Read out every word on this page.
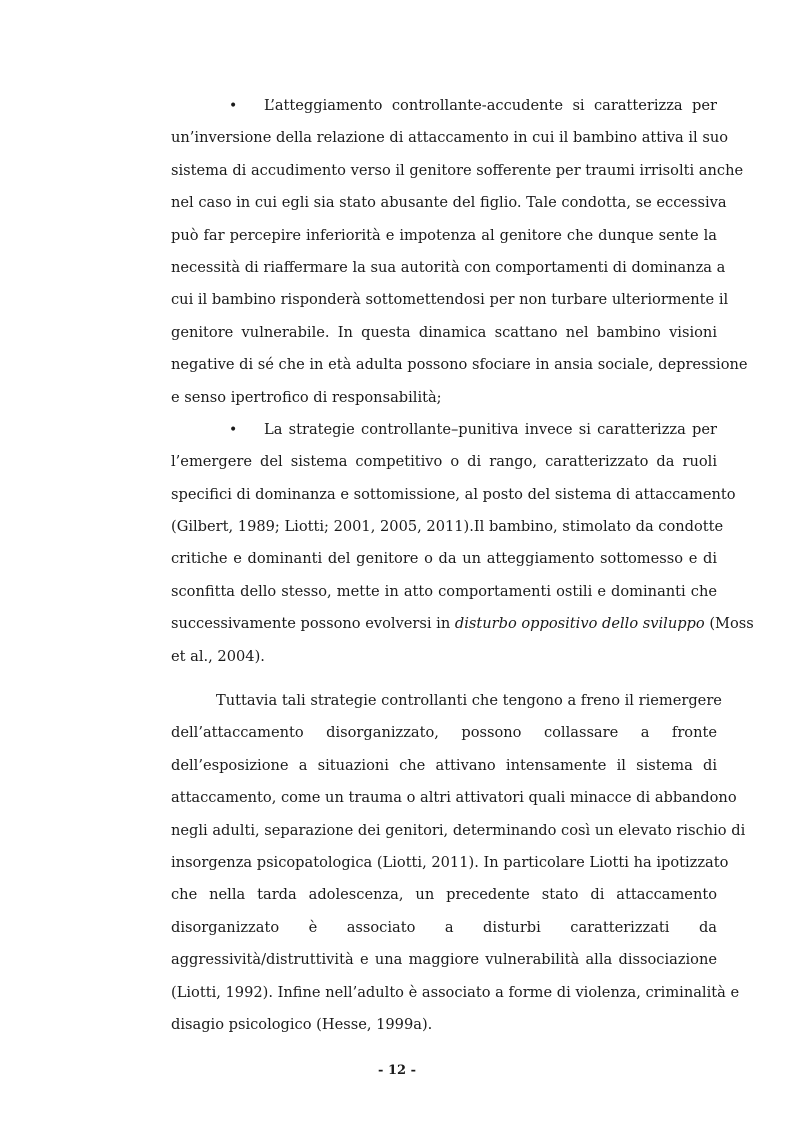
•	L’atteggiamento controllante-accudente si caratterizza per
un’inversione della relazione di attaccamento in cui il bambino attiva il suo
sistema di accudimento verso il genitore sofferente per traumi irrisolti anche
nel caso in cui egli sia stato abusante del figlio. Tale condotta, se eccessiva
può far percepire inferiorità e impotenza al genitore che dunque sente la
necessità di riaffermare la sua autorità con comportamenti di dominanza a
cui il bambino risponderà sottomettendosi per non turbare ulteriormente il
genitore vulnerabile. In questa dinamica scattano nel bambino visioni
negative di sé che in età adulta possono sfociare in ansia sociale, depressione
e senso ipertrofico di responsabilità;
•	La strategie controllante–punitiva invece si caratterizza per
l’emergere del sistema competitivo o di rango, caratterizzato da ruoli
specifici di dominanza e sottomissione, al posto del sistema di attaccamento
(Gilbert, 1989; Liotti; 2001, 2005, 2011).Il bambino, stimolato da condotte
critiche e dominanti del genitore o da un atteggiamento sottomesso e di
sconfitta dello stesso, mette in atto comportamenti ostili e dominanti che
successivamente possono evolversi in disturbo oppositivo dello sviluppo (Moss
et al., 2004).
Tuttavia tali strategie controllanti che tengono a freno il riemergere
dell’attaccamento disorganizzato, possono collassare a fronte
dell’esposizione a situazioni che attivano intensamente il sistema di
attaccamento, come un trauma o altri attivatori quali minacce di abbandono
negli adulti, separazione dei genitori, determinando così un elevato rischio di
insorgenza psicopatologica (Liotti, 2011). In particolare Liotti ha ipotizzato
che nella tarda adolescenza, un precedente stato di attaccamento
disorganizzato è associato a disturbi caratterizzati da
aggressività/distruttività e una maggiore vulnerabilità alla dissociazione
(Liotti, 1992). Infine nell’adulto è associato a forme di violenza, criminalità e
disagio psicologico (Hesse, 1999a).
- 12 -
